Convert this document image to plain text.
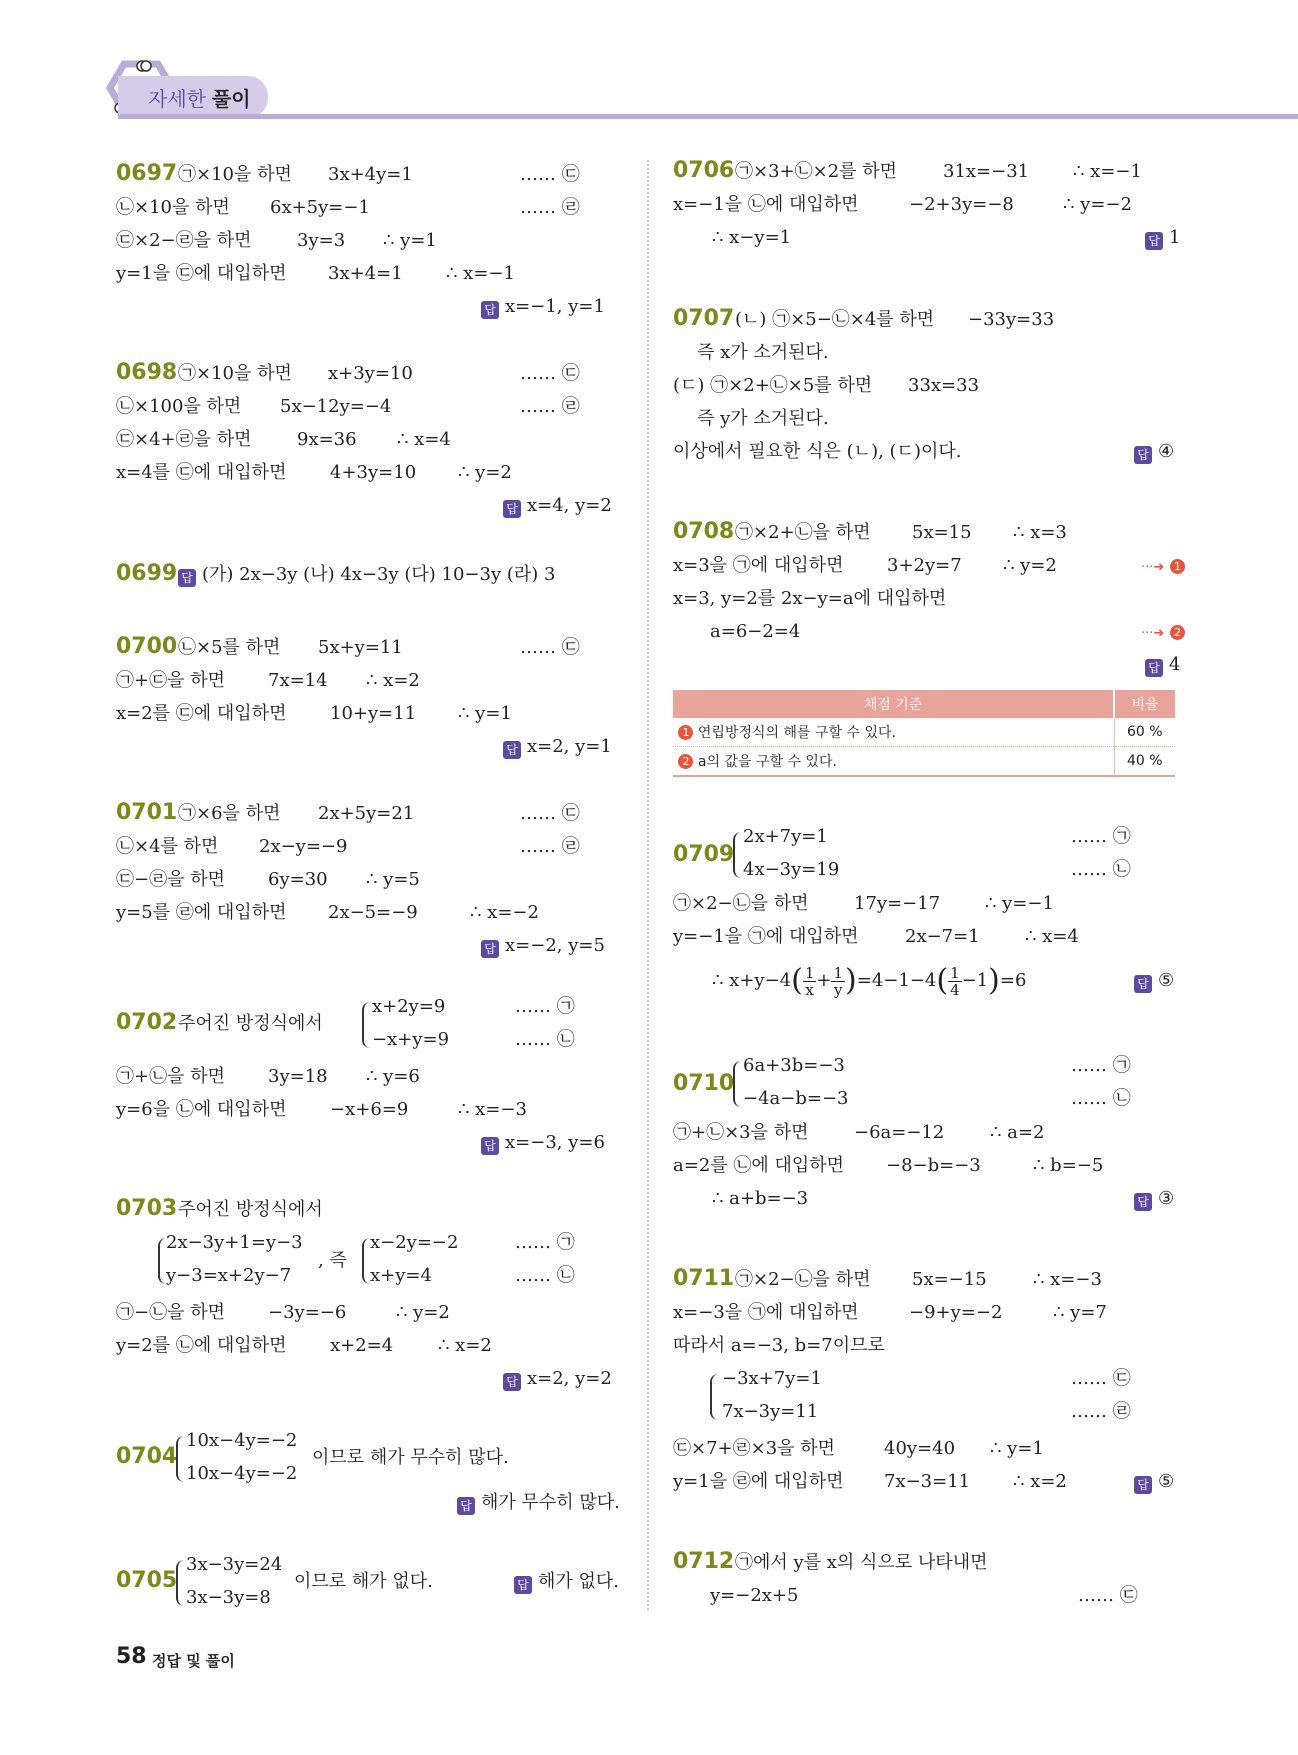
자세한 풀이
0697 ㉠×10을 하면 3x+4y=1	…… ㉢
㉡×10을 하면 6x+5y=−1	…… ㉣
㉢×2−㉣을 하면	3y=3 ∴ y=1
y=1을 ㉢에 대입하면 3x+4=1 ∴ x=−1
답 x=−1, y=1
0698 ㉠×10을 하면 x+3y=10	…… ㉢
㉡×100을 하면 5x−12y=−4	…… ㉣
㉢×4+㉣을 하면	9x=36 ∴ x=4
x=4를 ㉢에 대입하면 4+3y=10 ∴ y=2
답 x=4, y=2
0699 답 (가) 2x−3y (나) 4x−3y (다) 10−3y (라) 3
0700 ㉡×5를 하면 5x+y=11	…… ㉢
㉠+㉢을 하면 7x=14 ∴ x=2
x=2를 ㉢에 대입하면 10+y=11 ∴ y=1
답 x=2, y=1
0701 ㉠×6을 하면 2x+5y=21	…… ㉢
㉡×4를 하면 2x−y=−9	…… ㉣
㉢−㉣을 하면 6y=30 ∴ y=5
y=5를 ㉣에 대입하면 2x−5=−9	∴ x=−2
답 x=−2, y=5
0702 주어진 방정식에서
x+2y=9	…… ㉠
−x+y=9	…… ㉡
㉠+㉡을 하면 3y=18 ∴ y=6
y=6을 ㉡에 대입하면 −x+6=9	∴ x=−3
답 x=−3, y=6
0703 주어진 방정식에서
2x−3y+1=y−3
y−3=x+2y−7
, 즉
x−2y=−2	…… ㉠
x+y=4	…… ㉡
㉠−㉡을 하면 −3y=−6	∴ y=2
y=2를 ㉡에 대입하면 x+2=4 ∴ x=2
답 x=2, y=2
0704
10x−4y=−2
10x−4y=−2
이므로 해가 무수히 많다.
답 해가 무수히 많다.
0705
3x−3y=24
3x−3y=8
이므로 해가 없다.	답 해가 없다.
0706 ㉠×3+㉡×2를 하면	31x=−31 ∴ x=−1
x=−1을 ㉡에 대입하면	−2+3y=−8	∴ y=−2
∴ x−y=1	답 1
0707 (ㄴ) ㉠×5−㉡×4를 하면 −33y=33
즉 x가 소거된다.
(ㄷ) ㉠×2+㉡×5를 하면 33x=33
즉 y가 소거된다.
이상에서 필요한 식은 (ㄴ), (ㄷ)이다.	답 ④
0708 ㉠×2+㉡을 하면 5x=15 ∴ x=3
x=3을 ㉠에 대입하면 3+2y=7 ∴ y=2	···➜ 1
x=3, y=2를 2x−y=a에 대입하면
a=6−2=4	···➜ 2
답 4
채점 기준	비율
1 연립방정식의 해를 구할 수 있다.	60 %
2 a의 값을 구할 수 있다.	40 %
0709
2x+7y=1	…… ㉠
4x−3y=19	…… ㉡
㉠×2−㉡을 하면	17y=−17 ∴ y=−1
y=−1을 ㉠에 대입하면	2x−7=1	∴ x=4
∴ $x+y-4( \frac{1}{x} + \frac{1}{y} )=4-1-4( \frac{1}{4} -1)=6$	답 ⑤
0710
6a+3b=−3	…… ㉠
−4a−b=−3	…… ㉡
㉠+㉡×3을 하면	−6a=−12	∴ a=2
a=2를 ㉡에 대입하면 −8−b=−3	∴ b=−5
∴ a+b=−3	답 ③
0711 ㉠×2−㉡을 하면 5x=−15	∴ x=−3
x=−3을 ㉠에 대입하면	−9+y=−2	∴ y=7
따라서 a=−3, b=7이므로
−3x+7y=1	…… ㉢
7x−3y=11	…… ㉣
㉢×7+㉣×3을 하면	40y=40 ∴ y=1
y=1을 ㉣에 대입하면 7x−3=11 ∴ x=2	답 ⑤
0712 ㉠에서 y를 x의 식으로 나타내면
y=−2x+5	…… ㉢
58 정답 및 풀이
